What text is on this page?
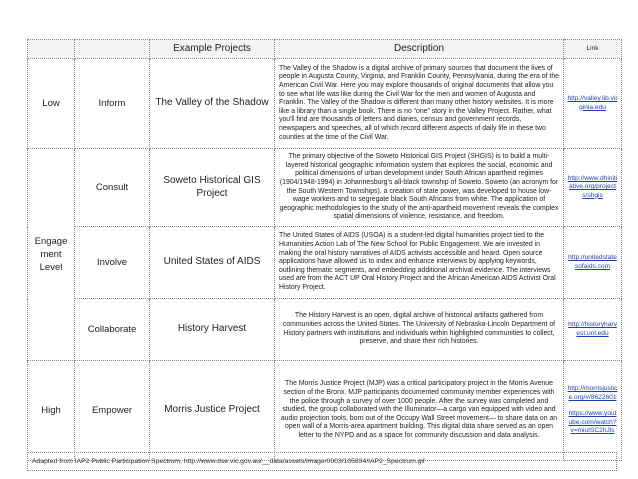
		Example Projects	Description	Link
Low	Inform	The Valley of the Shadow	The Valley of the Shadow is a digital archive of primary sources that document the lives of people in Augusta County, Virginia, and Franklin County, Pennsylvania, during the era of the American Civil War. Here you may explore thousands of original documents that allow you to see what life was like during the Civil War for the men and women of Augusta and Franklin. The Valley of the Shadow is different than many other history websites. It is more like a library than a single book. There is no “one” story in the Valley Project. Rather, what you'll find are thousands of letters and diaries, census and government records, newspapers and speeches, all of which record different aspects of daily life in these two counties at the time of the Civil War.	http://valley.lib.virginia.edu

Engage ment Level	Consult	Soweto Historical GIS Project	The primary objective of the Soweto Historical GIS Project (SHGIS) is to build a multi-layered historical geographic information system that explores the social, economic and political dimensions of urban development under South African apartheid regimes (1904/1948-1994) in Johannesburg’s all-black township of Soweto. Soweto (an acronym for the South Western Townships), a creation of state power, was developed to house low-wage workers and to segregate black South Africans from white. The application of geographic methodologies to the study of the anti-apartheid movement reveals the complex spatial dimensions of violence, resistance, and freedom.	http://www.dhinitiative.org/projects/shgis

	Involve	United States of AIDS	The United States of AIDS (USOA) is a student-led digital humanities project tied to the Humanities Action Lab of The New School for Public Engagement. We are invested in making the oral history narratives of AIDS activists accessible and heard. Open source applications have allowed us to index and enhance interviews by applying keywords, outlining thematic segments, and embedding additional archival evidence. The interviews used are from the ACT UP Oral History Project and the African American AIDS Activist Oral History Project.	http://unitedstatesofaids.com

	Collaborate	History Harvest	The History Harvest is an open, digital archive of historical artifacts gathered from communities across the United States. The University of Nebraska-Lincoln Department of History partners with institutions and individuals within highlighted communities to collect, preserve, and share their rich histories.	http://historyharvest.unl.edu

High	Empower	Morris Justice Project	The Morris Justice Project (MJP) was a critical participatory project in the Morris Avenue section of the Bronx. MJP participants documented community member experiences with the police through a survey of over 1000 people. After the survey was completed and studied, the group collaborated with the Illuminator—a cargo van equipped with video and audio projection tools, born out of the Occupy Wall Street movement— to share data on an open wall of a Morris-area apartment building. This digital data share served as an open letter to the NYPD and as a space for community discussion and data analysis.	http://morrisjustice.org/#/8622601
https://www.youtube.com/watch?v=miuISC2hJls
Adapted from IAP2 Public Participation Spectrum, http://www.dse.vic.gov.au/__data/assets/image/0003/105834/IAP2_Spectrum.gif
